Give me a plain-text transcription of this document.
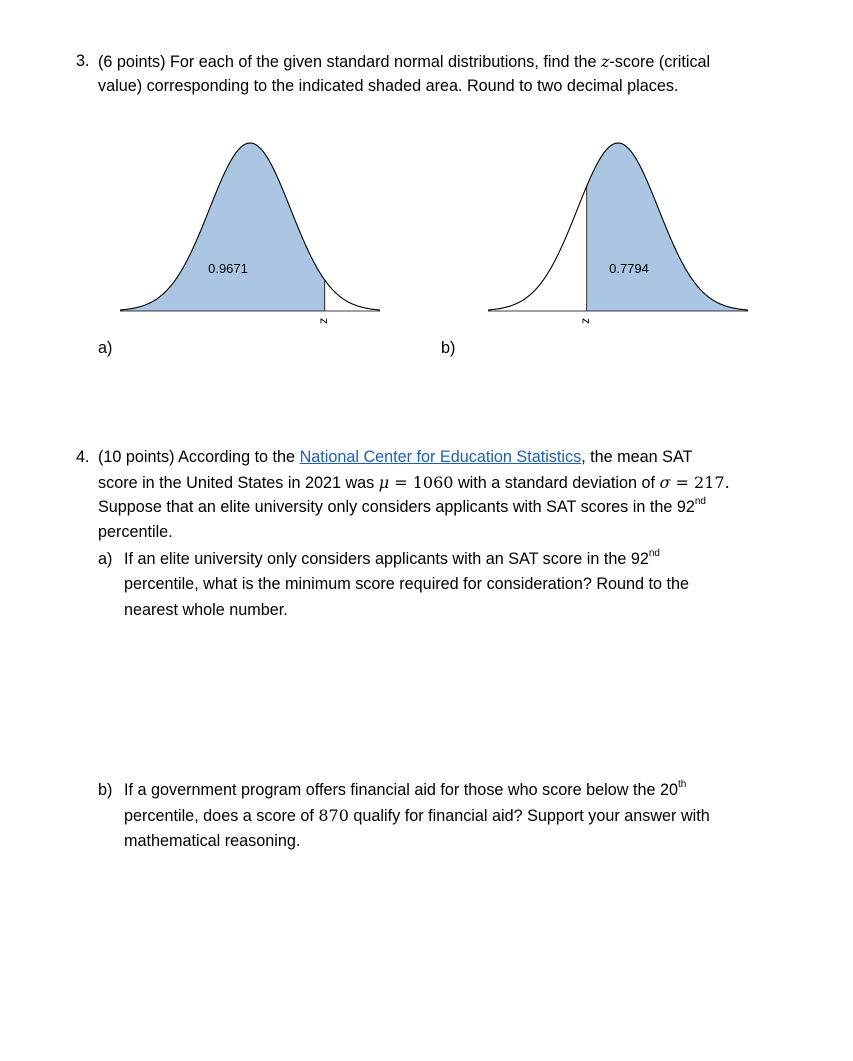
3. (6 points) For each of the given standard normal distributions, find the z-score (critical

value) corresponding to the indicated shaded area. Round to two decimal places.

0.9671
z
0.7794
z
a)	b)
4. (10 points) According to the National Center for Education Statistics, the mean SAT

score in the United States in 2021 was μ = 1060 with a standard deviation of σ = 217.

Suppose that an elite university only considers applicants with SAT scores in the 92nd

percentile.

a) If an elite university only considers applicants with an SAT score in the 92nd

percentile, what is the minimum score required for consideration? Round to the

nearest whole number.

b) If a government program offers financial aid for those who score below the 20th

percentile, does a score of 870 qualify for financial aid? Support your answer with

mathematical reasoning.
